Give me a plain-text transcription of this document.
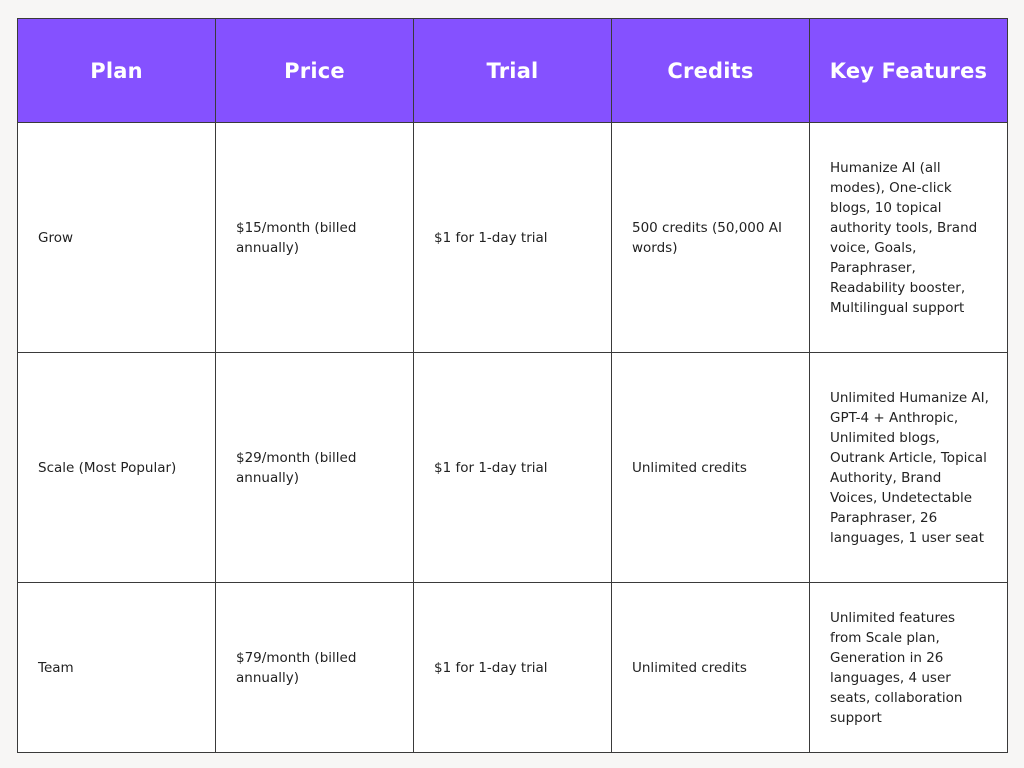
Plan	Price	Trial	Credits	Key Features
Grow	$15/month (billed annually)	$1 for 1-day trial	500 credits (50,000 AI words)	Humanize AI (all modes), One-click blogs, 10 topical authority tools, Brand voice, Goals, Paraphraser, Readability booster, Multilingual support
Scale (Most Popular)	$29/month (billed annually)	$1 for 1-day trial	Unlimited credits	Unlimited Humanize AI, GPT-4 + Anthropic, Unlimited blogs, Outrank Article, Topical Authority, Brand Voices, Undetectable Paraphraser, 26 languages, 1 user seat
Team	$79/month (billed annually)	$1 for 1-day trial	Unlimited credits	Unlimited features from Scale plan, Generation in 26 languages, 4 user seats, collaboration support
